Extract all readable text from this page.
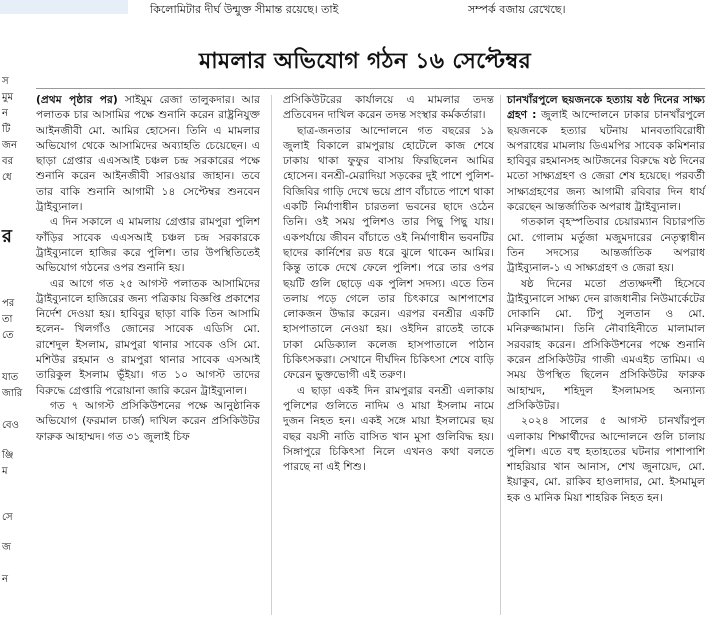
কিলোমিটার দীর্ঘ উন্মুক্ত সীমান্ত রয়েছে। তাই	সম্পর্ক বজায় রেখেছে।
স
মুম
ন
টি
জন
বর
ধে
র
পর
তা
তে
যাত
জারি
বেও
ঞ্জি
ম
সে
জ
ন
মামলার অভিযোগ গঠন ১৬ সেপ্টেম্বর

(প্রথম পৃষ্ঠার পর) সাইমুম রেজা তালুকদার। আর পলাতক চার আসামির পক্ষে শুনানি করেন রাষ্ট্রনিযুক্ত আইনজীবী মো. আমির হোসেন। তিনি এ মামলার অভিযোগ থেকে আসামিদের অব্যাহতি চেয়েছেন। এ ছাড়া গ্রেপ্তার এএসআই চঞ্চল চন্দ্র সরকারের পক্ষে শুনানি করেন আইনজীবী সারওয়ার জাহান। তবে তার বাকি শুনানি আগামী ১৪ সেপ্টেম্বর শুনবেন ট্রাইব্যুনাল।

এ দিন সকালে এ মামলায় গ্রেপ্তার রামপুরা পুলিশ ফাঁড়ির সাবেক এএসআই চঞ্চল চন্দ্র সরকারকে ট্রাইব্যুনালে হাজির করে পুলিশ। তার উপস্থিতিতেই অভিযোগ গঠনের ওপর শুনানি হয়।

এর আগে গত ২৫ আগস্ট পলাতক আসামিদের ট্রাইব্যুনালে হাজিরের জন্য পত্রিকায় বিজ্ঞপ্তি প্রকাশের নির্দেশ দেওয়া হয়। হাবিবুর ছাড়া বাকি তিন আসামি হলেন- খিলগাঁও জোনের সাবেক এডিসি মো. রাশেদুল ইসলাম, রামপুরা থানার সাবেক ওসি মো. মশিউর রহমান ও রামপুরা থানার সাবেক এসআই তারিকুল ইসলাম ভূঁইয়া। গত ১০ আগস্ট তাদের বিরুদ্ধে গ্রেপ্তারি পরোয়ানা জারি করেন ট্রাইব্যুনাল।

গত ৭ আগস্ট প্রসিকিউশনের পক্ষে আনুষ্ঠানিক অভিযোগ (ফরমাল চার্জ) দাখিল করেন প্রসিকিউটর ফারুক আহাম্মদ। গত ৩১ জুলাই চিফ

প্রসিকিউটরের কার্যালয়ে এ মামলার তদন্ত প্রতিবেদন দাখিল করেন তদন্ত সংস্থার কর্মকর্তারা।

ছাত্র-জনতার আন্দোলনে গত বছরের ১৯ জুলাই বিকালে রামপুরায় হোটেলে কাজ শেষে ঢাকায় থাকা ফুফুর বাসায় ফিরছিলেন আমির হোসেন। বনশ্রী-মেরাদিয়া সড়কের দুই পাশে পুলিশ-বিজিবির গাড়ি দেখে ভয়ে প্রাণ বাঁচাতে পাশে থাকা একটি নির্মাণাধীন চারতলা ভবনের ছাদে ওঠেন তিনি। ওই সময় পুলিশও তার পিছু পিছু যায়। একপর্যায়ে জীবন বাঁচাতে ওই নির্মাণাধীন ভবনটির ছাদের কার্নিশের রড ধরে ঝুলে থাকেন আমির। কিন্তু তাকে দেখে ফেলে পুলিশ। পরে তার ওপর ছয়টি গুলি ছোড়ে এক পুলিশ সদস্য। এতে তিন তলায় পড়ে গেলে তার চিৎকারে আশপাশের লোকজন উদ্ধার করেন। এরপর বনশ্রীর একটি হাসপাতালে নেওয়া হয়। ওইদিন রাতেই তাকে ঢাকা মেডিক্যাল কলেজ হাসপাতালে পাঠান চিকিৎসকরা। সেখানে দীর্ঘদিন চিকিৎসা শেষে বাড়ি ফেরেন ভুক্তভোগী এই তরুণ।

এ ছাড়া একই দিন রামপুরার বনশ্রী এলাকায় পুলিশের গুলিতে নাদিম ও মায়া ইসলাম নামে দুজন নিহত হন। একই সঙ্গে মায়া ইসলামের ছয় বছর বয়সী নাতি বাসিত খান মুসা গুলিবিদ্ধ হয়। সিঙ্গাপুরে চিকিৎসা নিলে এখনও কথা বলতে পারছে না এই শিশু।

চানখাঁরপুলে ছয়জনকে হত্যায় ষষ্ঠ দিনের সাক্ষ্য গ্রহণ : জুলাই আন্দোলনে ঢাকার চানখাঁরপুলে ছয়জনকে হত্যার ঘটনায় মানবতাবিরোধী অপরাধের মামলায় ডিএমপির সাবেক কমিশনার হাবিবুর রহমানসহ আটজনের বিরুদ্ধে ষষ্ঠ দিনের মতো সাক্ষ্যগ্রহণ ও জেরা শেষ হয়েছে। পরবর্তী সাক্ষ্যগ্রহণের জন্য আগামী রবিবার দিন ধার্য করেছেন আন্তর্জাতিক অপরাধ ট্রাইব্যুনাল।

গতকাল বৃহস্পতিবার চেয়ারম্যান বিচারপতি মো. গোলাম মর্তুজা মজুমদারের নেতৃত্বাধীন তিন সদস্যের আন্তর্জাতিক অপরাধ ট্রাইব্যুনাল-১ এ সাক্ষ্যগ্রহণ ও জেরা হয়।

ষষ্ঠ দিনের মতো প্রত্যক্ষদর্শী হিসেবে ট্রাইব্যুনালে সাক্ষ্য দেন রাজধানীর নিউমার্কেটের দোকানি মো. টিপু সুলতান ও মো. মনিরুজ্জামান। তিনি নৌবাহিনীতে মালামাল সরবরাহ করেন। প্রসিকিউশনের পক্ষে শুনানি করেন প্রসিকিউটর গাজী এমএইচ তামিম। এ সময় উপস্থিত ছিলেন প্রসিকিউটর ফারুক আহাম্মদ, শহিদুল ইসলামসহ অন্যান্য প্রসিকিউটর।

২০২৪ সালের ৫ আগস্ট চানখাঁরপুল এলাকায় শিক্ষার্থীদের আন্দোলনে গুলি চালায় পুলিশ। এতে বহু হতাহতের ঘটনার পাশাপাশি শাহরিয়ার খান আনাস, শেখ জুনায়েদ, মো. ইয়াকুব, মো. রাকিব হাওলাদার, মো. ইসমামুল হক ও মানিক মিয়া শাহরিক নিহত হন।
